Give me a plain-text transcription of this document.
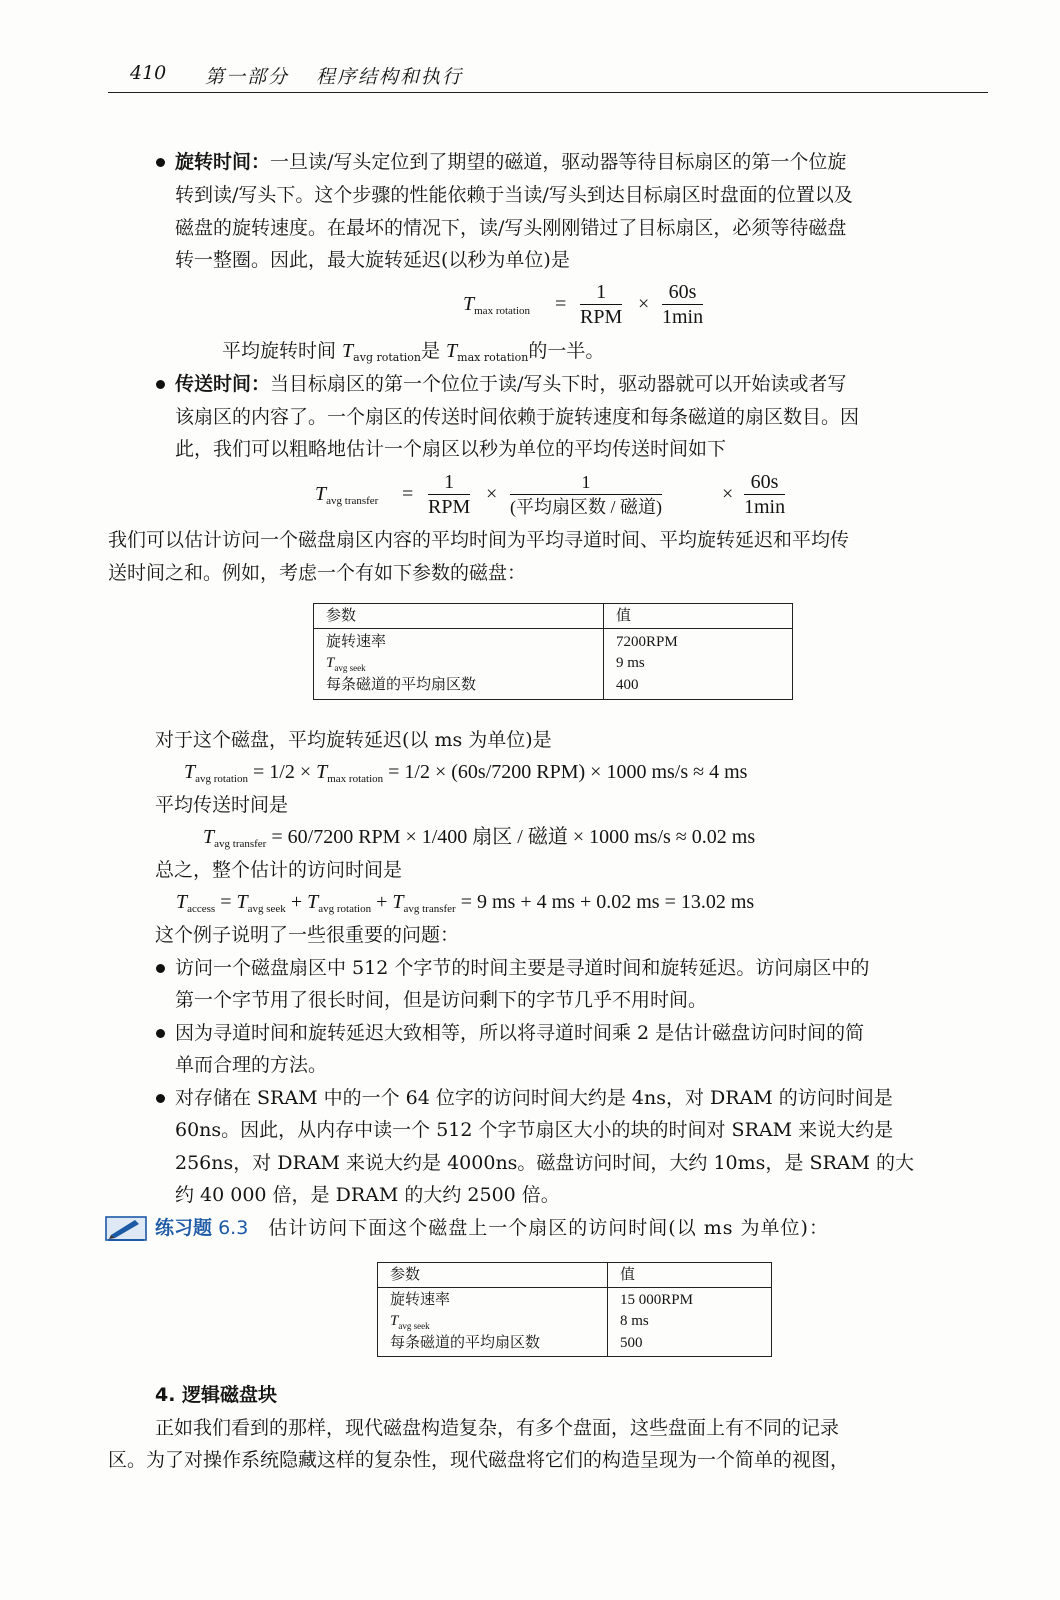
410 第一部分 程序结构和执行
旋转时间：一旦读/写头定位到了期望的磁道，驱动器等待目标扇区的第一个位旋
转到读/写头下。这个步骤的性能依赖于当读/写头到达目标扇区时盘面的位置以及
磁盘的旋转速度。在最坏的情况下，读/写头刚刚错过了目标扇区，必须等待磁盘
转一整圈。因此，最大旋转延迟(以秒为单位)是
$T_{max rotation}$ =
1
RPM
×
60s
1min
平均旋转时间 $T_{avg rotation}$是 $T_{max rotation}$的一半。
传送时间：当目标扇区的第一个位位于读/写头下时，驱动器就可以开始读或者写
该扇区的内容了。一个扇区的传送时间依赖于旋转速度和每条磁道的扇区数目。因
此，我们可以粗略地估计一个扇区以秒为单位的平均传送时间如下
$T_{avg transfer}$ =
1
RPM
×
1
(平均扇区数 / 磁道)
×
60s
1min
我们可以估计访问一个磁盘扇区内容的平均时间为平均寻道时间、平均旋转延迟和平均传
送时间之和。例如，考虑一个有如下参数的磁盘：
参数	值
旋转速率	7200RPM
$T_{avg seek}$	9 ms
每条磁道的平均扇区数	400
对于这个磁盘，平均旋转延迟(以 ms 为单位)是
$T_{avg rotation} = 1/2 \times T_{max rotation} = 1/2 \times (60s/7200$ RPM) × 1000 ms/s ≈ 4 ms
平均传送时间是
$T_{avg transfer} = 60/7200$ RPM × 1/400 扇区 / 磁道 × 1000 ms/s ≈ 0.02 ms
总之，整个估计的访问时间是
$T_{access} = T_{avg seek} + T_{avg rotation} + T_{avg transfer} = 9$ ms + 4 ms + 0.02 ms = 13.02 ms
这个例子说明了一些很重要的问题：
访问一个磁盘扇区中 512 个字节的时间主要是寻道时间和旋转延迟。访问扇区中的
第一个字节用了很长时间，但是访问剩下的字节几乎不用时间。
因为寻道时间和旋转延迟大致相等，所以将寻道时间乘 2 是估计磁盘访问时间的简
单而合理的方法。
对存储在 SRAM 中的一个 64 位字的访问时间大约是 4ns，对 DRAM 的访问时间是
60ns。因此，从内存中读一个 512 个字节扇区大小的块的时间对 SRAM 来说大约是
256ns，对 DRAM 来说大约是 4000ns。磁盘访问时间，大约 10ms，是 SRAM 的大
约 40 000 倍，是 DRAM 的大约 2500 倍。
练习题 6.3 估计访问下面这个磁盘上一个扇区的访问时间(以 ms 为单位)：
参数	值
旋转速率	15 000RPM
$T_{avg seek}$	8 ms
每条磁道的平均扇区数	500
4. 逻辑磁盘块
正如我们看到的那样，现代磁盘构造复杂，有多个盘面，这些盘面上有不同的记录
区。为了对操作系统隐藏这样的复杂性，现代磁盘将它们的构造呈现为一个简单的视图，
